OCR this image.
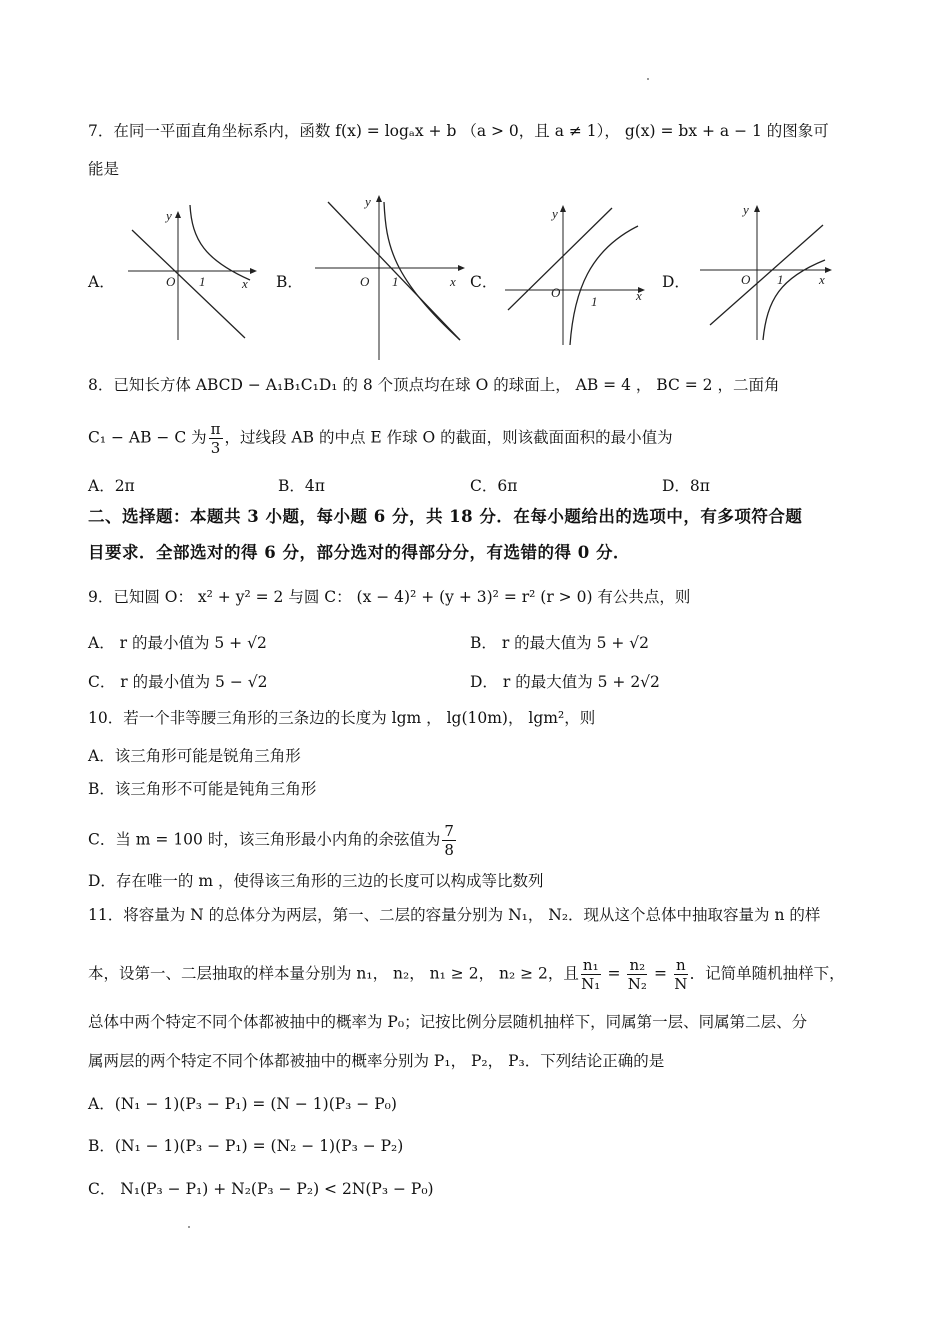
7．在同一平面直角坐标系内，函数 f(x) = logₐx + b （a > 0，且 a ≠ 1）， g(x) = bx + a − 1 的图象可
能是
A．	x
y
O 1	B．	x
y
O 1	C．
x
y
O
1
D．	x
y
O 1
8．已知长方体 ABCD − A₁B₁C₁D₁ 的 8 个顶点均在球 O 的球面上， AB = 4 ， BC = 2 ，二面角
C₁ − AB − C 为 $\frac{\pi}{3}$ ，过线段 AB 的中点 E 作球 O 的截面，则该截面面积的最小值为
A．2π	B．4π	C．6π	D．8π
二、选择题：本题共 3 小题，每小题 6 分，共 18 分．在每小题给出的选项中，有多项符合题
目要求．全部选对的得 6 分，部分选对的得部分分，有选错的得 0 分．
9．已知圆 O： x² + y² = 2 与圆 C： (x − 4)² + (y + 3)² = r² (r > 0) 有公共点，则
A． r 的最小值为 5 + √2	B． r 的最大值为 5 + √2
C． r 的最小值为 5 − √2	D． r 的最大值为 5 + 2√2
10．若一个非等腰三角形的三条边的长度为 lgm ， lg(10m)， lgm²，则
A．该三角形可能是锐角三角形
B．该三角形不可能是钝角三角形
C．当 m = 100 时，该三角形最小内角的余弦值为 $\frac{7}{8}$
D．存在唯一的 m ，使得该三角形的三边的长度可以构成等比数列
11．将容量为 N 的总体分为两层，第一、二层的容量分别为 N₁， N₂．现从这个总体中抽取容量为 n 的样
本，设第一、二层抽取的样本量分别为 n₁， n₂， n₁ ≥ 2， n₂ ≥ 2，且 $\frac{\text{n₁}}{\text{N₁}} = \frac{\text{n₂}}{\text{N₂}} = \frac{n}{N}$ ．记简单随机抽样下，
总体中两个特定不同个体都被抽中的概率为 P₀；记按比例分层随机抽样下，同属第一层、同属第二层、分
属两层的两个特定不同个体都被抽中的概率分别为 P₁， P₂， P₃．下列结论正确的是
A．(N₁ − 1)(P₃ − P₁) = (N − 1)(P₃ − P₀)
B．(N₁ − 1)(P₃ − P₁) = (N₂ − 1)(P₃ − P₂)
C． N₁(P₃ − P₁) + N₂(P₃ − P₂) < 2N(P₃ − P₀)
